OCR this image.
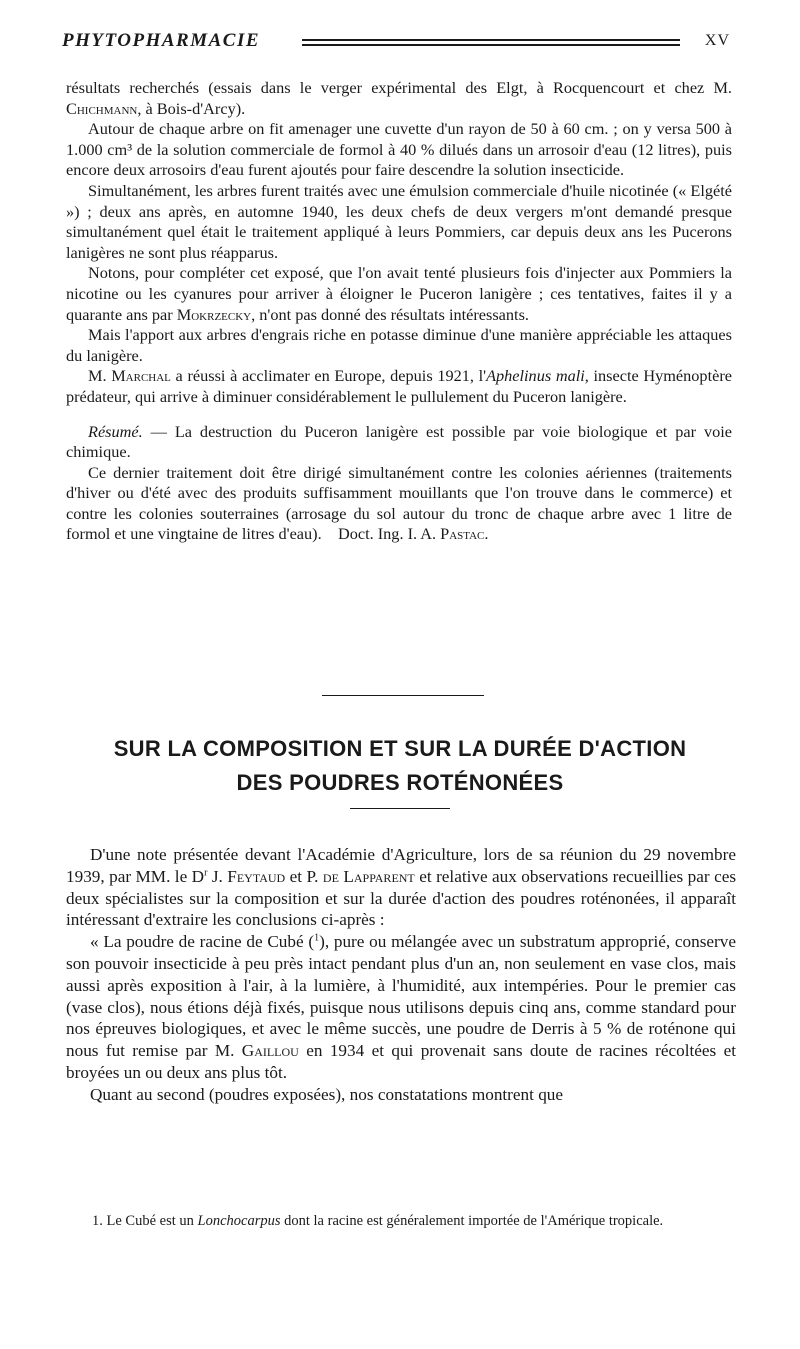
PHYTOPHARMACIE	XV

résultats recherchés (essais dans le verger expérimental des Elgt, à Rocquencourt et chez M. Chichmann, à Bois-d'Arcy).

Autour de chaque arbre on fit amenager une cuvette d'un rayon de 50 à 60 cm. ; on y versa 500 à 1.000 cm³ de la solution commerciale de formol à 40 % dilués dans un arrosoir d'eau (12 litres), puis encore deux arrosoirs d'eau furent ajoutés pour faire descendre la solution insecticide.

Simultanément, les arbres furent traités avec une émulsion commerciale d'huile nicotinée (« Elgété ») ; deux ans après, en automne 1940, les deux chefs de deux vergers m'ont demandé presque simultanément quel était le traitement appliqué à leurs Pommiers, car depuis deux ans les Pucerons lanigères ne sont plus réapparus.

Notons, pour compléter cet exposé, que l'on avait tenté plusieurs fois d'injecter aux Pommiers la nicotine ou les cyanures pour arriver à éloigner le Puceron lanigère ; ces tentatives, faites il y a quarante ans par Mokrzecky, n'ont pas donné des résultats intéressants.

Mais l'apport aux arbres d'engrais riche en potasse diminue d'une manière appréciable les attaques du lanigère.

M. Marchal a réussi à acclimater en Europe, depuis 1921, l'Aphelinus mali, insecte Hyménoptère prédateur, qui arrive à diminuer considérablement le pullulement du Puceron lanigère.

Résumé. — La destruction du Puceron lanigère est possible par voie biologique et par voie chimique.

Ce dernier traitement doit être dirigé simultanément contre les colonies aériennes (traitements d'hiver ou d'été avec des produits suffisamment mouillants que l'on trouve dans le commerce) et contre les colonies souterraines (arrosage du sol autour du tronc de chaque arbre avec 1 litre de formol et une vingtaine de litres d'eau). Doct. Ing. I. A. Pastac.

SUR LA COMPOSITION ET SUR LA DURÉE D'ACTION
DES POUDRES ROTÉNONÉES

D'une note présentée devant l'Académie d'Agriculture, lors de sa réunion du 29 novembre 1939, par MM. le $D^r$ J. Feytaud et P. de Lapparent et relative aux observations recueillies par ces deux spécialistes sur la composition et sur la durée d'action des poudres roténonées, il apparaît intéressant d'extraire les conclusions ci-après :

« La poudre de racine de Cubé ($^1$), pure ou mélangée avec un substratum approprié, conserve son pouvoir insecticide à peu près intact pendant plus d'un an, non seulement en vase clos, mais aussi après exposition à l'air, à la lumière, à l'humidité, aux intempéries. Pour le premier cas (vase clos), nous étions déjà fixés, puisque nous utilisons depuis cinq ans, comme standard pour nos épreuves biologiques, et avec le même succès, une poudre de Derris à 5 % de roténone qui nous fut remise par M. Gaillou en 1934 et qui provenait sans doute de racines récoltées et broyées un ou deux ans plus tôt.

Quant au second (poudres exposées), nos constatations montrent que

1. Le Cubé est un Lonchocarpus dont la racine est généralement importée de l'Amérique tropicale.
